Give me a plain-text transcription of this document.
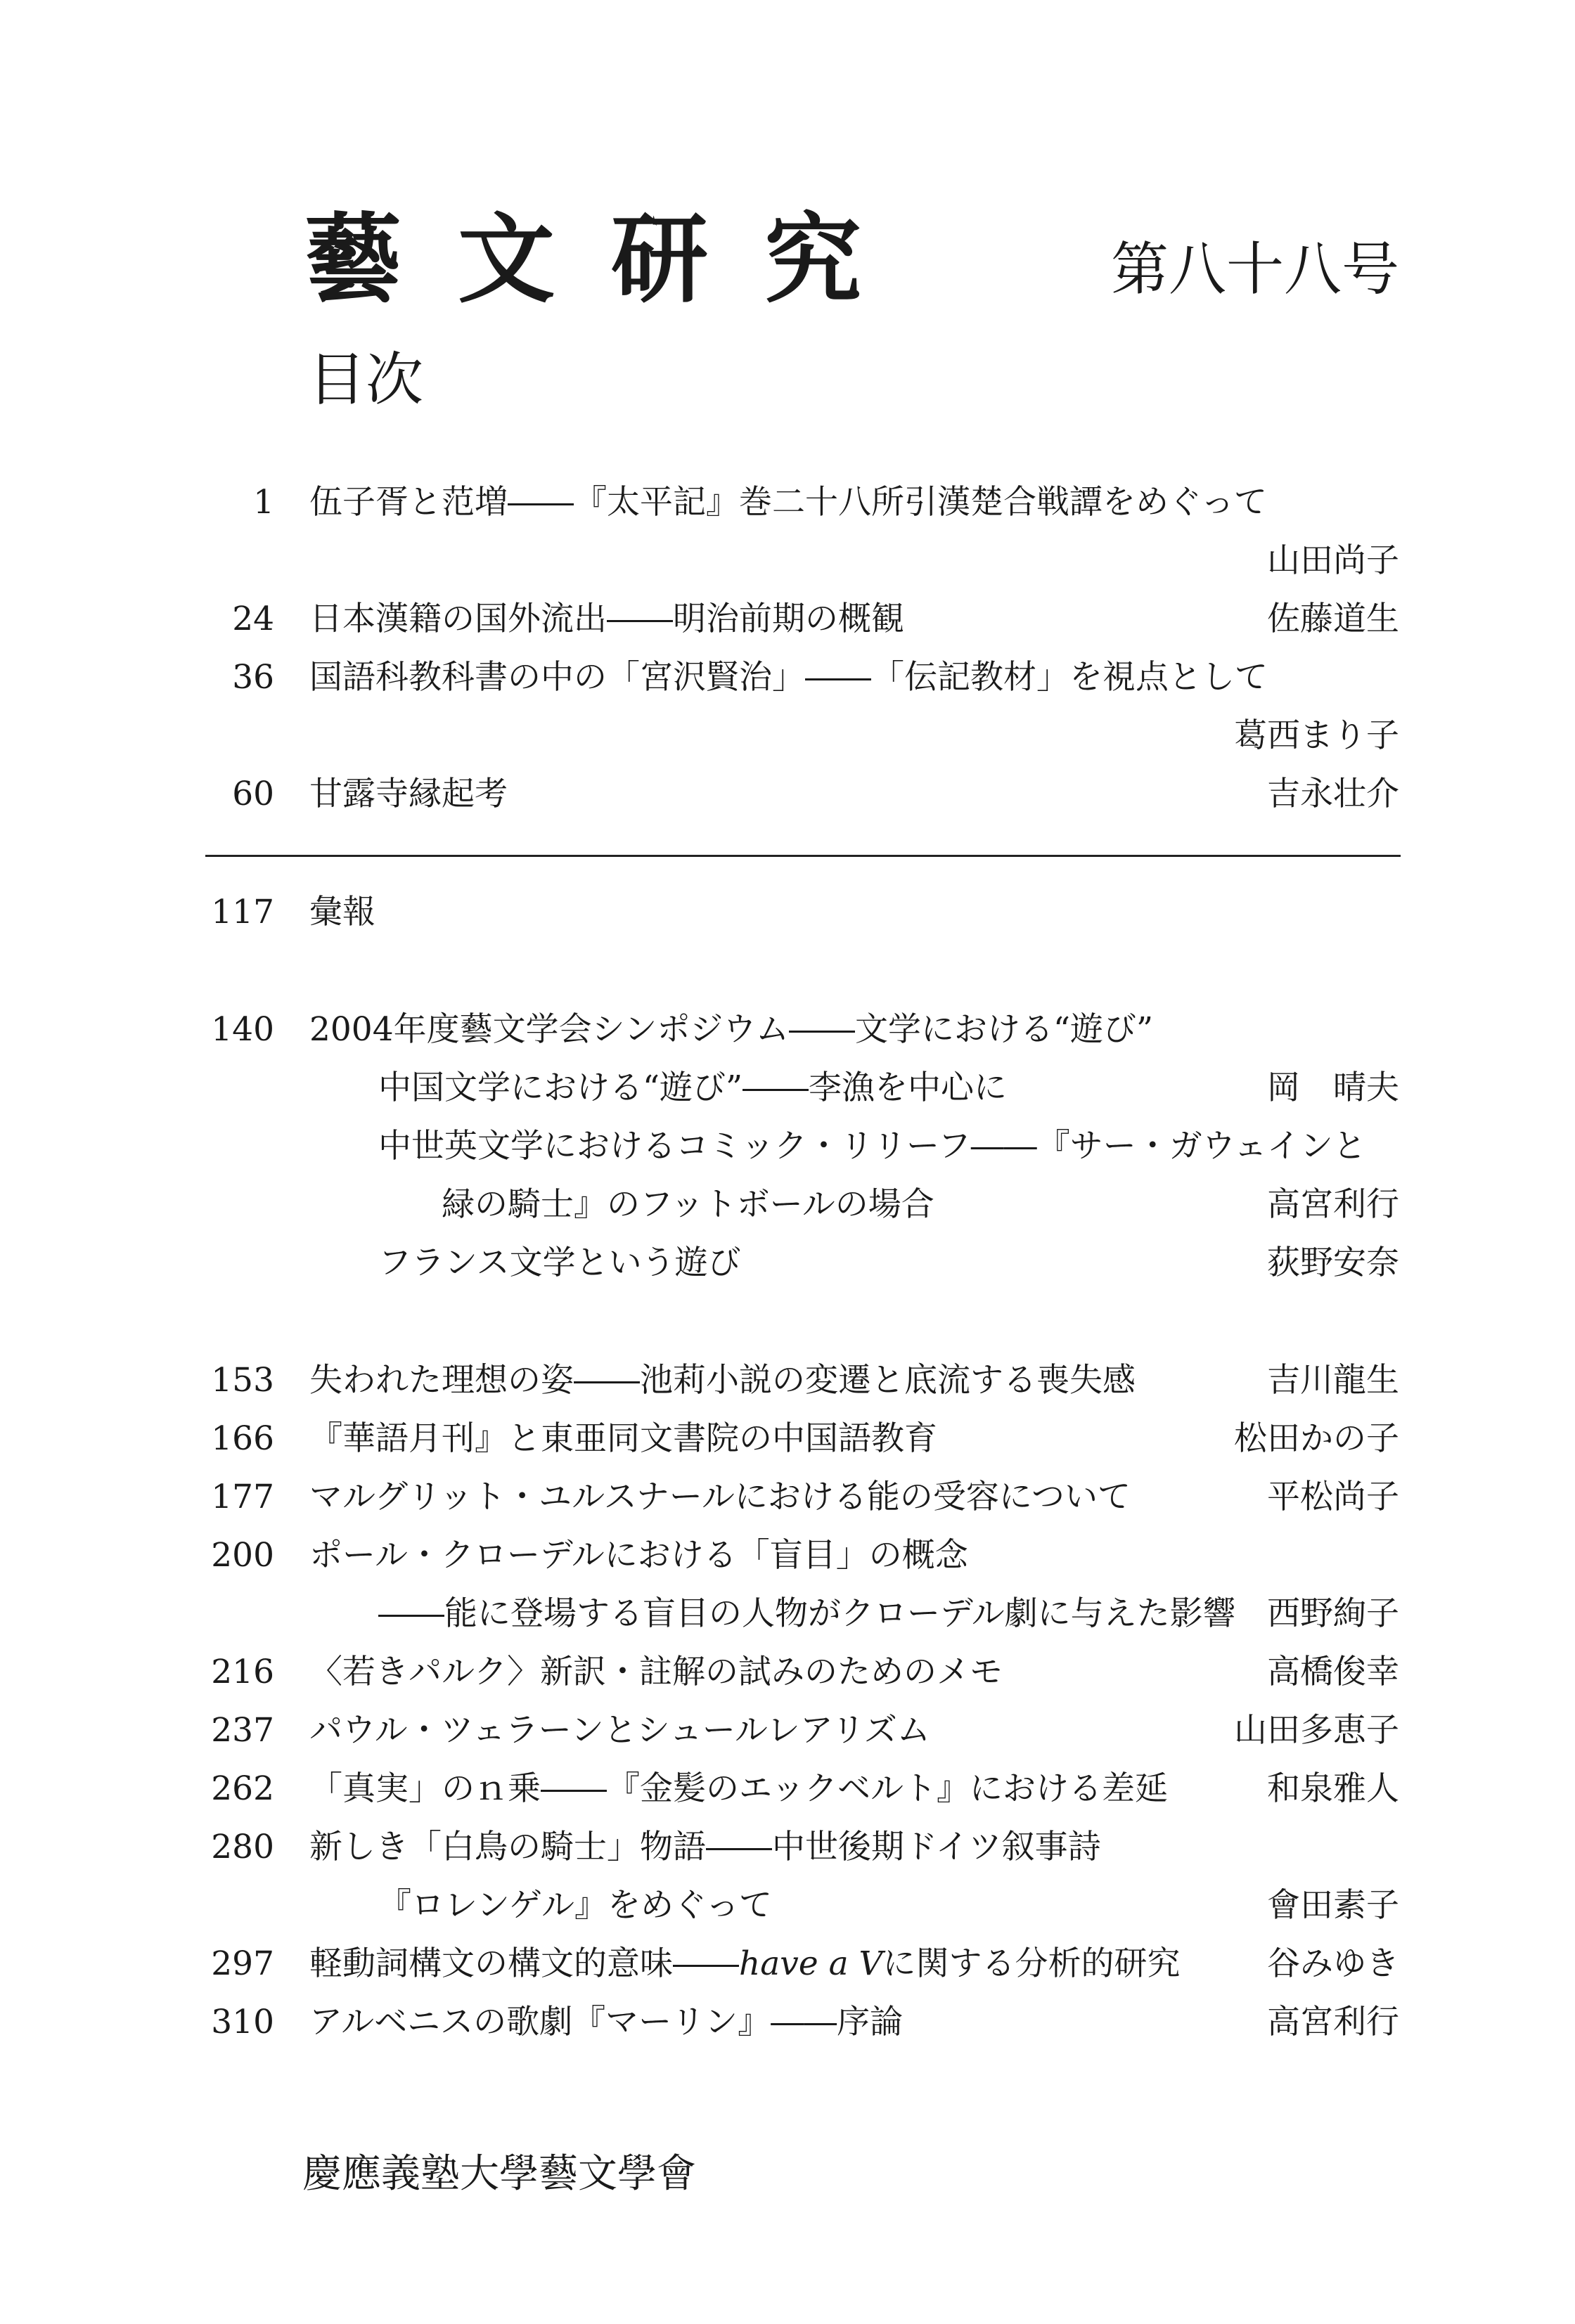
藝 文 研 究	第八十八号
目次
1 伍子胥と范増――『太平記』巻二十八所引漢楚合戦譚をめぐって
山田尚子
24 日本漢籍の国外流出――明治前期の概観	佐藤道生
36 国語科教科書の中の「宮沢賢治」――「伝記教材」を視点として
葛西まり子
60 甘露寺縁起考	吉永壮介
117 彙報
140 2004年度藝文学会シンポジウム――文学における“遊び”
中国文学における“遊び”――李漁を中心に	岡　晴夫
中世英文学におけるコミック・リリーフ――『サー・ガウェインと
緑の騎士』のフットボールの場合	高宮利行
フランス文学という遊び	荻野安奈
153 失われた理想の姿――池莉小説の変遷と底流する喪失感	吉川龍生
166 『華語月刊』と東亜同文書院の中国語教育	松田かの子
177 マルグリット・ユルスナールにおける能の受容について	平松尚子
200 ポール・クローデルにおける「盲目」の概念
――能に登場する盲目の人物がクローデル劇に与えた影響 西野絢子
216 〈若きパルク〉新訳・註解の試みのためのメモ	高橋俊幸
237 パウル・ツェラーンとシュールレアリズム	山田多恵子
262 「真実」のｎ乗――『金髪のエックベルト』における差延	和泉雅人
280 新しき「白鳥の騎士」物語――中世後期ドイツ叙事詩
『ロレンゲル』をめぐって	會田素子
297 軽動詞構文の構文的意味――have a Vに関する分析的研究	谷みゆき
310 アルベニスの歌劇『マーリン』――序論	高宮利行
慶應義塾大學藝文學會
